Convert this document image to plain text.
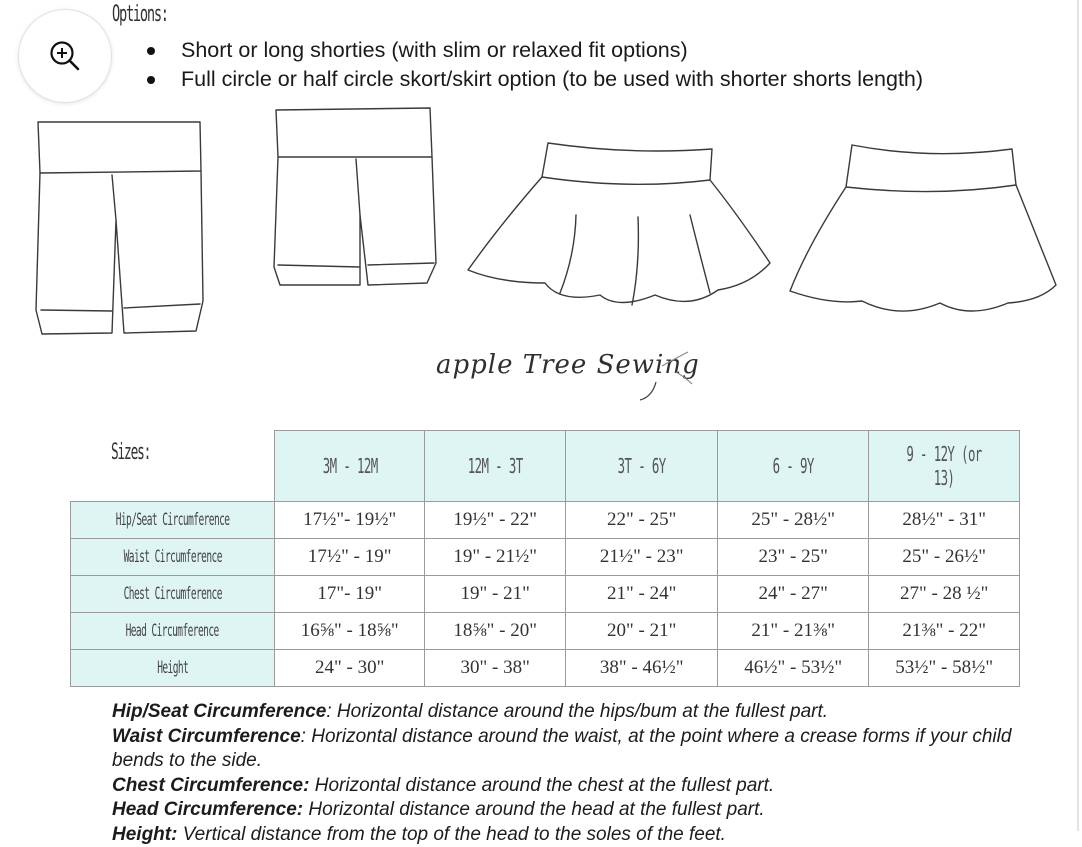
Options:
Short or long shorties (with slim or relaxed fit options)
Full circle or half circle skort/skirt option (to be used with shorter shorts length)
apple Tree Sewing
Sizes:
	3M - 12M	12M - 3T	3T - 6Y	6 - 9Y	9 - 12Y (or 13)
Hip/Seat Circumference	17½"- 19½"	19½" - 22"	22" - 25"	25" - 28½"	28½" - 31"
Waist Circumference	17½" - 19"	19" - 21½"	21½" - 23"	23" - 25"	25" - 26½"
Chest Circumference	17"- 19"	19" - 21"	21" - 24"	24" - 27"	27" - 28 ½"
Head Circumference	16⅝" - 18⅝"	18⅝" - 20"	20" - 21"	21" - 21⅜"	21⅜" - 22"
Height	24" - 30"	30" - 38"	38" - 46½"	46½" - 53½"	53½" - 58½"

Hip/Seat Circumference: Horizontal distance around the hips/bum at the fullest part.

Waist Circumference: Horizontal distance around the waist, at the point where a crease forms if your child bends to the side.

Chest Circumference: Horizontal distance around the chest at the fullest part.

Head Circumference: Horizontal distance around the head at the fullest part.

Height: Vertical distance from the top of the head to the soles of the feet.
